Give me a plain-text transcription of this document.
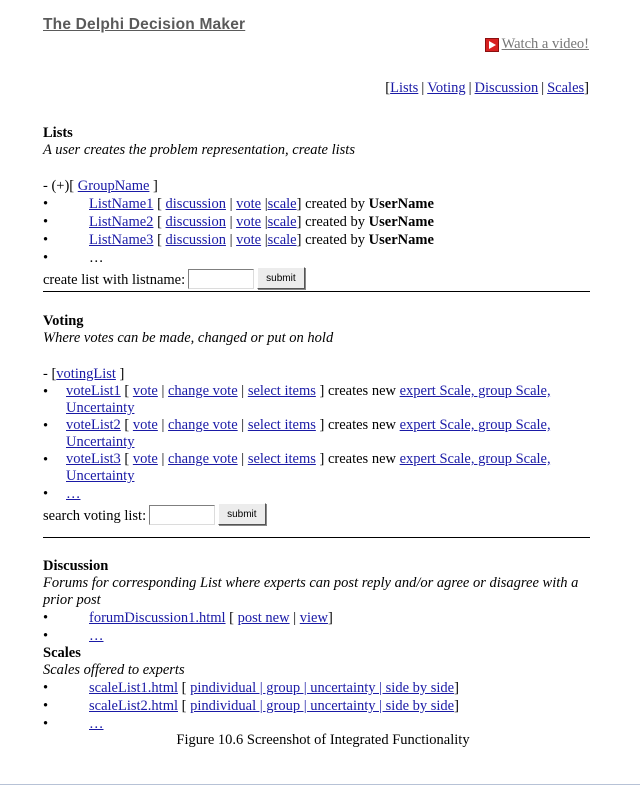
The Delphi Decision Maker
Watch a video!
[Lists | Voting | Discussion | Scales]
Lists
A user creates the problem representation, create lists
- (+)[ GroupName ]
•	ListName1 [ discussion | vote |scale] created by UserName
•	ListName2 [ discussion | vote |scale] created by UserName
•	ListName3 [ discussion | vote |scale] created by UserName
•	…
create list with listname:	submit
Voting
Where votes can be made, changed or put on hold
- [votingList ]
•	voteList1 [ vote | change vote | select items ] creates new expert Scale, group Scale, Uncertainty
•	voteList2 [ vote | change vote | select items ] creates new expert Scale, group Scale, Uncertainty
•	voteList3 [ vote | change vote | select items ] creates new expert Scale, group Scale, Uncertainty
•	…
search voting list:	submit
Discussion
Forums for corresponding List where experts can post reply and/or agree or disagree with a prior post
•	forumDiscussion1.html [ post new | view]
•	…
Scales
Scales offered to experts
•	scaleList1.html [ pindividual | group | uncertainty | side by side]
•	scaleList2.html [ pindividual | group | uncertainty | side by side]
•	…
Figure 10.6 Screenshot of Integrated Functionality
